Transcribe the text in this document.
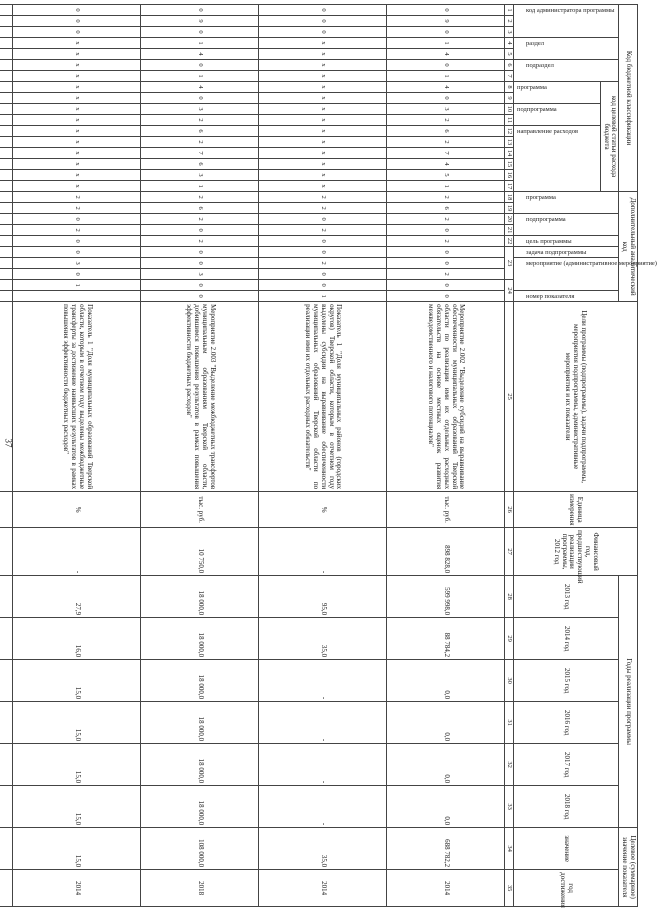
37
Код бюджетной классификации																	Дополнительный аналитический код										Цели программы (подпрограммы), задачи подпрограммы, мероприятия подпрограммы, административные мероприятия и их показатели	Единица измерения	Финансовый год, предшествующий реализации программы, 2012 год	Годы реализации программы						Целевое (суммарное) значение показателя	

код администратора программы			раздел		подраздел		код целевой статьи расхода бюджета										программа		подпрограмма		цель программы	задача подпрограммы	мероприятие (административное мероприятие)			номер показателя				2013 год	2014 год	2015 год	2016 год	2017 год	2018 год	значение	год достижения

							программа		подпрограмма		направление расходов																										

1	2	3	4	5	6	7	8	9	10	11	12	13	14	15	16	17	18	19	20	21	22	23			24		25	26	27	28	29	30	31	32	33	34	35
0	9	0	1	4	0	1	4	0	3	2	6	2	7	4	5	1	2	6	2	0	2	0	0	2	0	0	Мероприятие 2.002 "Выделение субсидий на выравнивание обеспеченности муниципальных образований Тверской области по реализации ими их отдельных расходных обязательств на основе местных оценок развития межведомственного и налогового потенциалов"	тыс. руб.	898 828,0	599 998,0	88 784,2	0,0	0,0	0,0	0,0	688 782,2	2014
0	0	0	x	x	x	x	x	x	x	x	x	x	x	x	x	x	2	2	0	2	0	0	2	0	0	1	Показатель 1 "Доля муниципальных районов (городских округов) Тверской области, которым в отчетном году выделены субсидии на выравнивание обеспеченности муниципальных образований Тверской области по реализации ими их отдельных расходных обязательств"	%	-	95,0	35,0	-	-	-	-	35,0	2014
0	9	0	1	4	0	1	4	0	3	2	6	2	7	6	3	1	2	6	2	0	2	0	0	3	0	0	Мероприятие 2.003 "Выделение межбюджетных трансфертов муниципальным образованиям Тверской области, добившимся повышения результатов в рамках повышения эффективности бюджетных расходов"	тыс. руб.	10 750,0	18 000,0	18 000,0	18 000,0	18 000,0	18 000,0	18 000,0	108 000,0	2018
0	0	0	x	x	x	x	x	x	x	x	x	x	x	x	x	x	2	2	0	2	0	0	3	0	1		Показатель 1 "Доля муниципальных образований Тверской области, которым в отчетном году выделены межбюджетные трансферты за достижение наивысших результатов в рамках повышения эффективности бюджетных расходов"	%	-	27,9	16,0	15,0	15,0	15,0	15,0	15,0	2014
